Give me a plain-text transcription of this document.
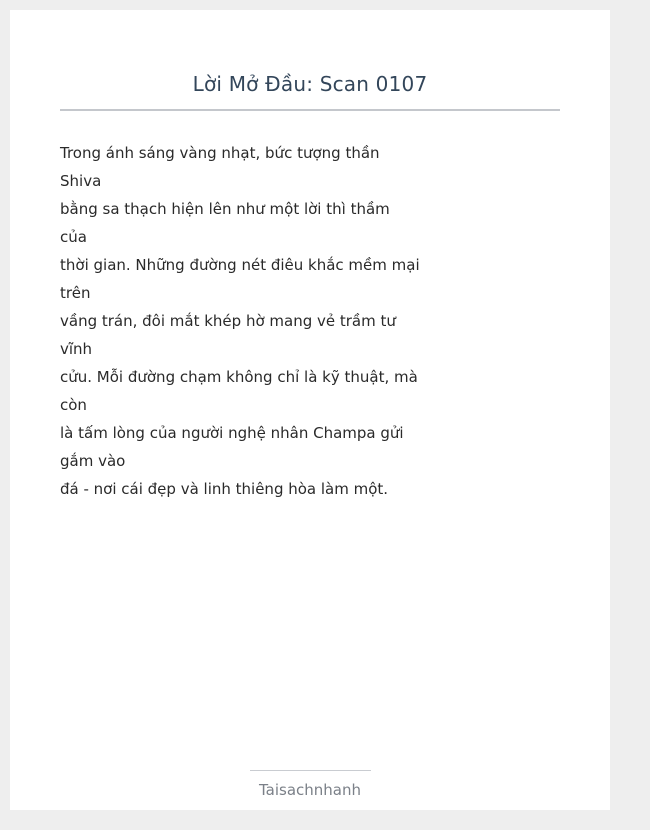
Lời Mở Đầu: Scan 0107
Trong ánh sáng vàng nhạt, bức tượng thần
Shiva
bằng sa thạch hiện lên như một lời thì thầm
của
thời gian. Những đường nét điêu khắc mềm mại
trên
vầng trán, đôi mắt khép hờ mang vẻ trầm tư
vĩnh
cửu. Mỗi đường chạm không chỉ là kỹ thuật, mà
còn
là tấm lòng của người nghệ nhân Champa gửi
gắm vào
đá - nơi cái đẹp và linh thiêng hòa làm một.
Taisachnhanh
